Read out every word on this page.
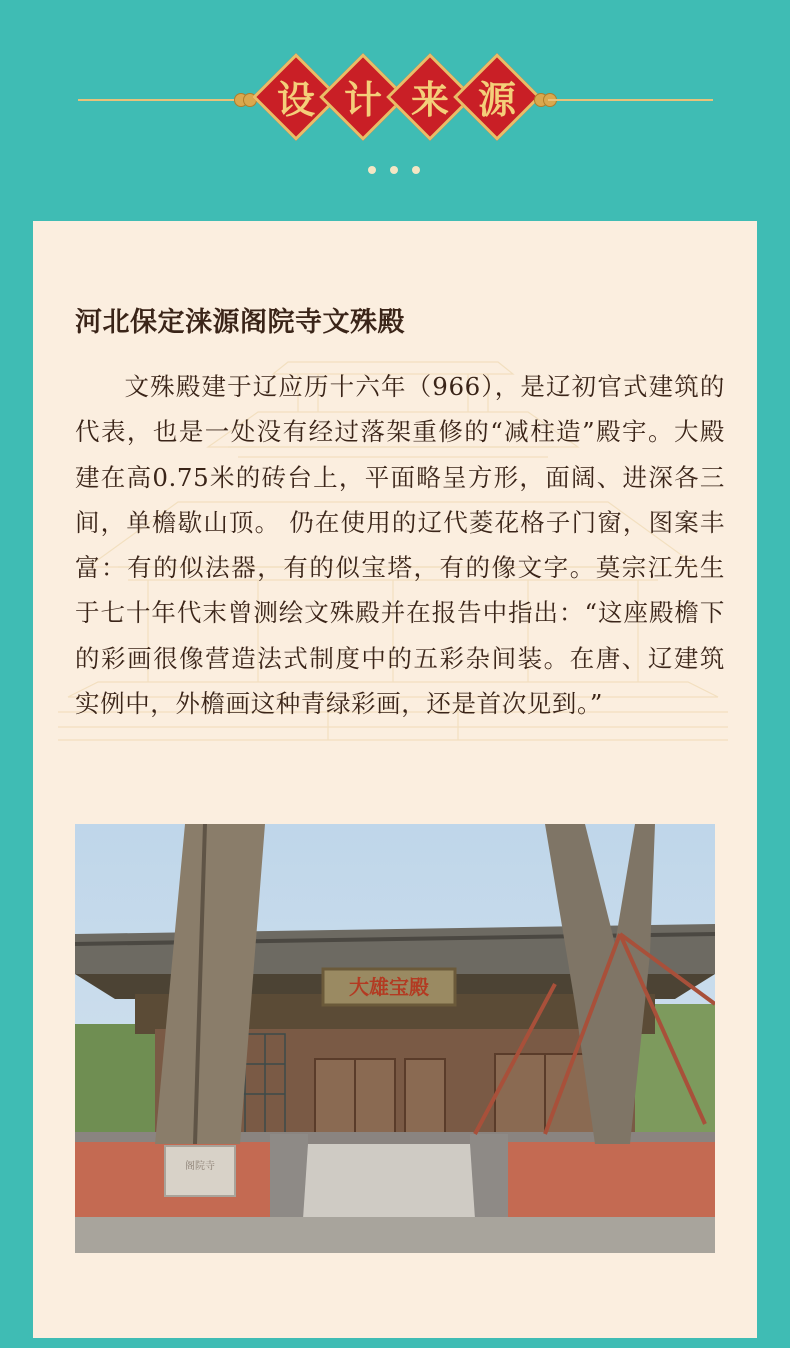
设 计 来 源
河北保定涞源阁院寺文殊殿
文殊殿建于辽应历十六年（966），是辽初官式建筑的代表，也是一处没有经过落架重修的“减柱造”殿宇。大殿建在高0.75米的砖台上，平面略呈方形，面阔、进深各三间，单檐歇山顶。 仍在使用的辽代菱花格子门窗，图案丰富：有的似法器，有的似宝塔，有的像文字。莫宗江先生于七十年代末曾测绘文殊殿并在报告中指出：“这座殿檐下的彩画很像营造法式制度中的五彩杂间装。在唐、辽建筑实例中，外檐画这种青绿彩画，还是首次见到。”
大雄宝殿
阁院寺
